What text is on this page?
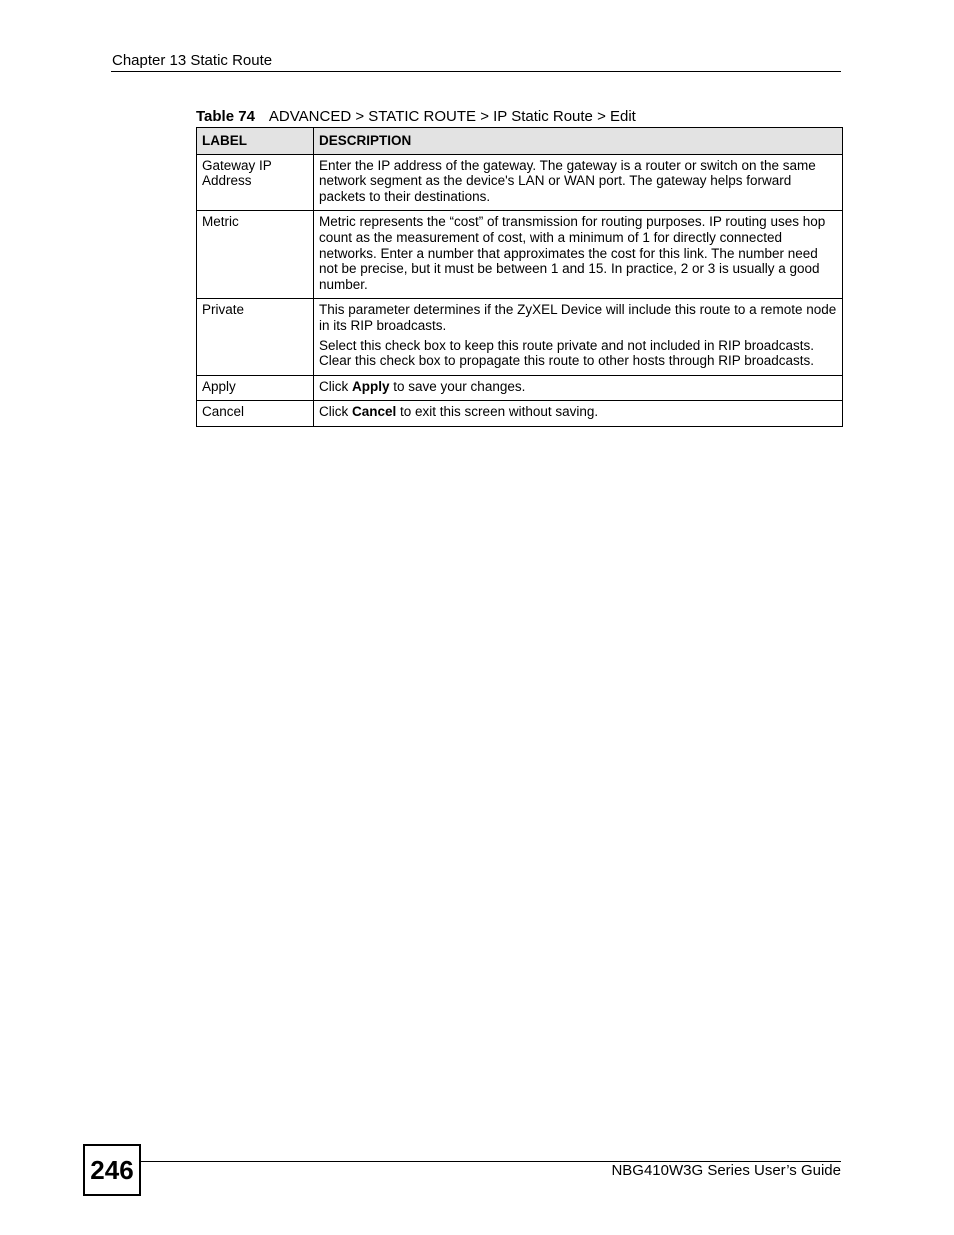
Chapter 13 Static Route
Table 74 ADVANCED > STATIC ROUTE > IP Static Route > Edit
LABEL	DESCRIPTION
Gateway IP Address	Enter the IP address of the gateway. The gateway is a router or switch on the same network segment as the device's LAN or WAN port. The gateway helps forward packets to their destinations.

Metric	Metric represents the “cost” of transmission for routing purposes. IP routing uses hop count as the measurement of cost, with a minimum of 1 for directly connected networks. Enter a number that approximates the cost for this link. The number need not be precise, but it must be between 1 and 15. In practice, 2 or 3 is usually a good number.

Private	This parameter determines if the ZyXEL Device will include this route to a remote node in its RIP broadcasts.

Select this check box to keep this route private and not included in RIP broadcasts. Clear this check box to propagate this route to other hosts through RIP broadcasts.

Apply	Click Apply to save your changes.
Cancel	Click Cancel to exit this screen without saving.
246	NBG410W3G Series User’s Guide
